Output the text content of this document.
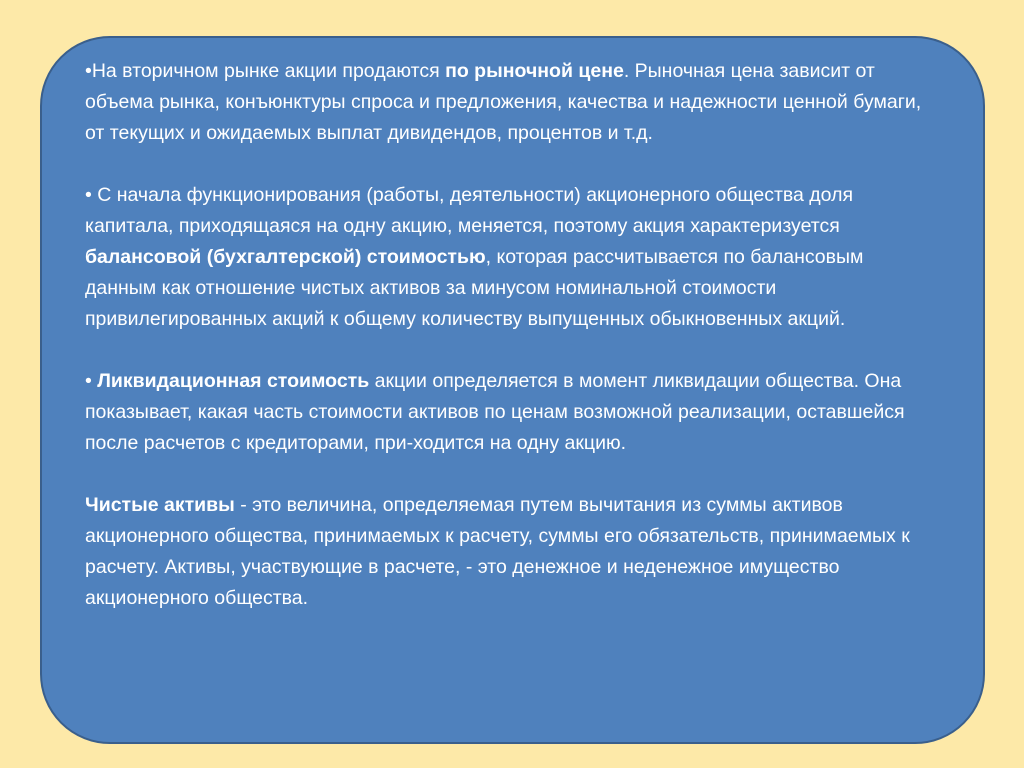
•На вторичном рынке акции продаются по рыночной цене. Рыночная цена зависит от объема рынка, конъюнктуры спроса и предложения, качества и надежности ценной бумаги, от текущих и ожидаемых выплат дивидендов, процентов и т.д.

• С начала функционирования (работы, деятельности) акционерного общества доля капитала, приходящаяся на одну акцию, меняется, поэтому акция характеризуется балансовой (бухгалтерской) стоимостью, которая рассчитывается по балансовым данным как отношение чистых активов за минусом номинальной стоимости привилегированных акций к общему количеству выпущенных обыкновенных акций.

• Ликвидационная стоимость акции определяется в момент ликвидации общества. Она показывает, какая часть стоимости активов по ценам возможной реализации, оставшейся после расчетов с кредиторами, при-ходится на одну акцию.

Чистые активы - это величина, определяемая путем вычитания из суммы активов акционерного общества, принимаемых к расчету, суммы его обязательств, принимаемых к расчету. Активы, участвующие в расчете, - это денежное и неденежное имущество акционерного общества.
